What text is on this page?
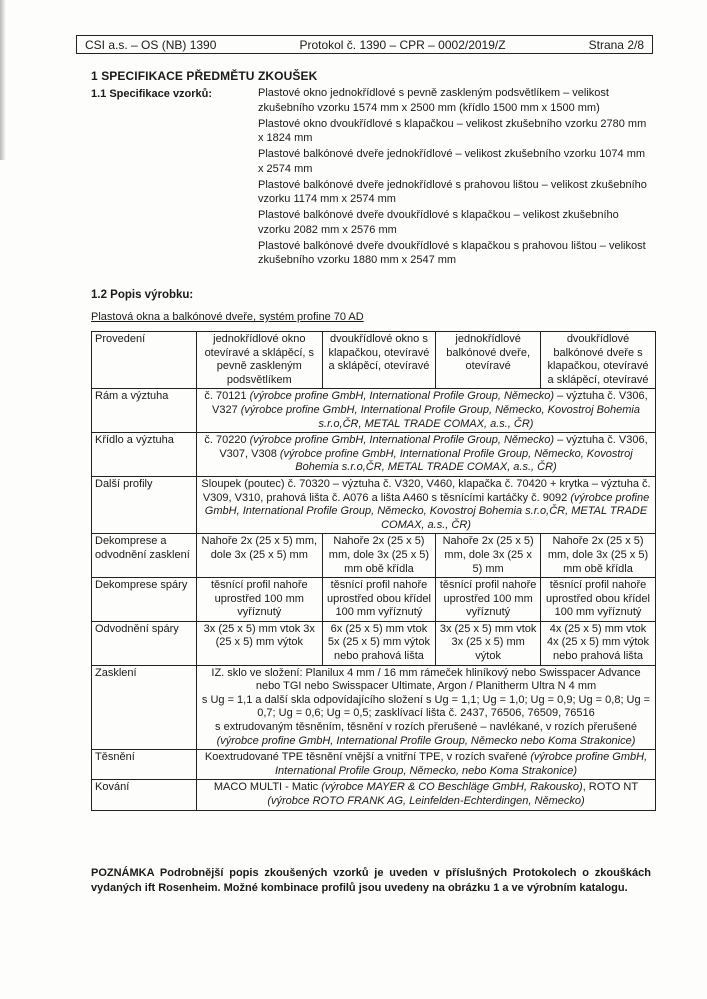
CSI a.s. – OS (NB) 1390	Protokol č. 1390 – CPR – 0002/2019/Z	Strana 2/8
1 SPECIFIKACE PŘEDMĚTU ZKOUŠEK
1.1 Specifikace vzorků:	Plastové okno jednokřídlové s pevně zaskleným podsvětlíkem – velikost zkušebního vzorku 1574 mm x 2500 mm (křídlo 1500 mm x 1500 mm)

Plastové okno dvoukřídlové s klapačkou – velikost zkušebního vzorku 2780 mm x 1824 mm

Plastové balkónové dveře jednokřídlové – velikost zkušebního vzorku 1074 mm x 2574 mm

Plastové balkónové dveře jednokřídlové s prahovou lištou – velikost zkušebního vzorku 1174 mm x 2574 mm

Plastové balkónové dveře dvoukřídlové s klapačkou – velikost zkušebního vzorku 2082 mm x 2576 mm

Plastové balkónové dveře dvoukřídlové s klapačkou s prahovou lištou – velikost zkušebního vzorku 1880 mm x 2547 mm

1.2 Popis výrobku:
Plastová okna a balkónové dveře, systém profine 70 AD
Provedení	jednokřídlové okno otevíravé a sklápěcí, s pevně zaskleným podsvětlíkem	dvoukřídlové okno s klapačkou, otevíravé a sklápěcí, otevíravé	jednokřídlové balkónové dveře, otevíravé	dvoukřídlové balkónové dveře s klapačkou, otevíravé a sklápěcí, otevíravé
Rám a výztuha	č. 70121 (výrobce profine GmbH, International Profile Group, Německo) – výztuha č. V306, V327 (výrobce profine GmbH, International Profile Group, Německo, Kovostroj Bohemia s.r.o,ČR, METAL TRADE COMAX, a.s., ČR)			
Křídlo a výztuha	č. 70220 (výrobce profine GmbH, International Profile Group, Německo) – výztuha č. V306, V307, V308 (výrobce profine GmbH, International Profile Group, Německo, Kovostroj Bohemia s.r.o,ČR, METAL TRADE COMAX, a.s., ČR)			
Další profily	Sloupek (poutec) č. 70320 – výztuha č. V320, V460, klapačka č. 70420 + krytka – výztuha č. V309, V310, prahová lišta č. A076 a lišta A460 s těsnícími kartáčky č. 9092 (výrobce profine GmbH, International Profile Group, Německo, Kovostroj Bohemia s.r.o,ČR, METAL TRADE COMAX, a.s., ČR)			
Dekomprese a odvodnění zasklení	Nahoře 2x (25 x 5) mm, dole 3x (25 x 5) mm	Nahoře 2x (25 x 5) mm, dole 3x (25 x 5) mm obě křídla	Nahoře 2x (25 x 5) mm, dole 3x (25 x 5) mm	Nahoře 2x (25 x 5) mm, dole 3x (25 x 5) mm obě křídla
Dekomprese spáry	těsnící profil nahoře uprostřed 100 mm vyříznutý	těsnící profil nahoře uprostřed obou křídel 100 mm vyříznutý	těsnící profil nahoře uprostřed 100 mm vyříznutý	těsnící profil nahoře uprostřed obou křídel 100 mm vyříznutý
Odvodnění spáry	3x (25 x 5) mm vtok 3x (25 x 5) mm výtok	6x (25 x 5) mm vtok 5x (25 x 5) mm výtok nebo prahová lišta	3x (25 x 5) mm vtok 3x (25 x 5) mm výtok	4x (25 x 5) mm vtok 4x (25 x 5) mm výtok nebo prahová lišta
Zasklení	IZ. sklo ve složení: Planilux 4 mm / 16 mm rámeček hliníkový nebo Swisspacer Advance nebo TGI nebo Swisspacer Ultimate, Argon / Planitherm Ultra N 4 mm
s Ug = 1,1 a další skla odpovídajícího složení s Ug = 1,1; Ug = 1,0; Ug = 0,9; Ug = 0,8; Ug = 0,7; Ug = 0,6; Ug = 0,5; zasklívací lišta č. 2437, 76506, 76509, 76516
s extrudovaným těsněním, těsnění v rozích přerušené – navlékané, v rozích přerušené
(výrobce profine GmbH, International Profile Group, Německo nebo Koma Strakonice)			

Těsnění	Koextrudované TPE těsnění vnější a vnitřní TPE, v rozích svařené (výrobce profine GmbH, International Profile Group, Německo, nebo Koma Strakonice)			
Kování	MACO MULTI - Matic (výrobce MAYER & CO Beschläge GmbH, Rakousko), ROTO NT (výrobce ROTO FRANK AG, Leinfelden-Echterdingen, Německo)			
POZNÁMKA Podrobnější popis zkoušených vzorků je uveden v příslušných Protokolech o zkouškách vydaných ift Rosenheim. Možné kombinace profilů jsou uvedeny na obrázku 1 a ve výrobním katalogu.
